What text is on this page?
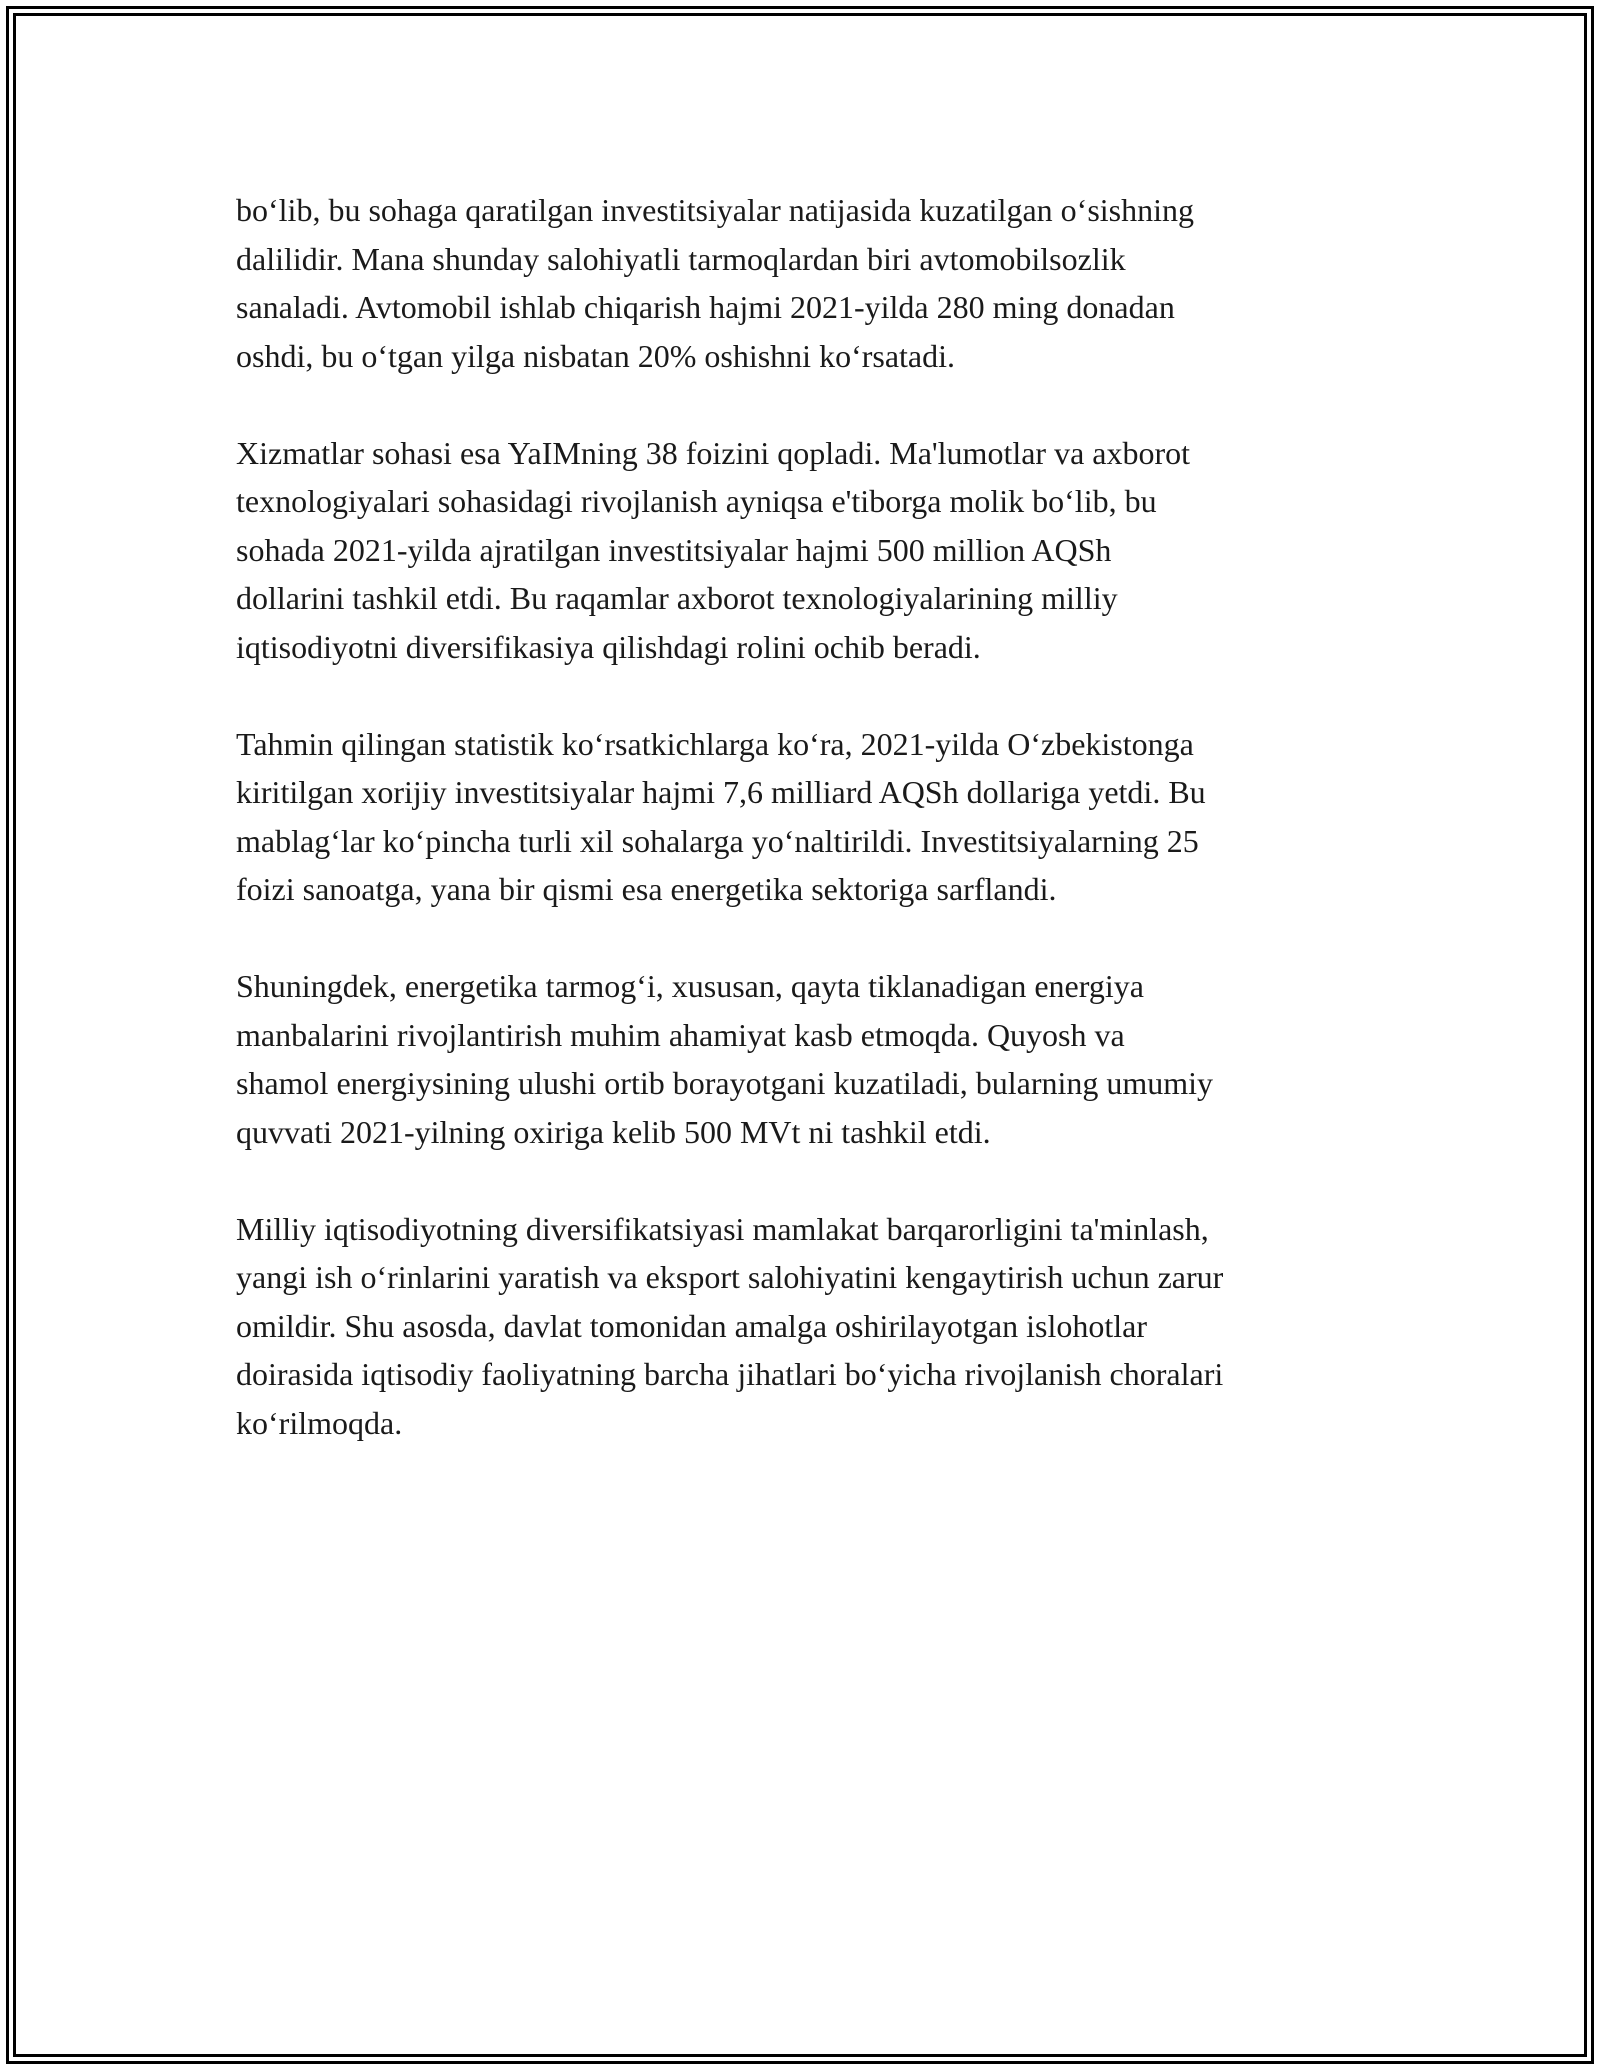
bo‘lib, bu sohaga qaratilgan investitsiyalar natijasida kuzatilgan o‘sishning
dalilidir. Mana shunday salohiyatli tarmoqlardan biri avtomobilsozlik
sanaladi. Avtomobil ishlab chiqarish hajmi 2021-yilda 280 ming donadan
oshdi, bu o‘tgan yilga nisbatan 20% oshishni ko‘rsatadi.

Xizmatlar sohasi esa YaIMning 38 foizini qopladi. Ma'lumotlar va axborot
texnologiyalari sohasidagi rivojlanish ayniqsa e'tiborga molik bo‘lib, bu
sohada 2021-yilda ajratilgan investitsiyalar hajmi 500 million AQSh
dollarini tashkil etdi. Bu raqamlar axborot texnologiyalarining milliy
iqtisodiyotni diversifikasiya qilishdagi rolini ochib beradi.

Tahmin qilingan statistik ko‘rsatkichlarga ko‘ra, 2021-yilda O‘zbekistonga
kiritilgan xorijiy investitsiyalar hajmi 7,6 milliard AQSh dollariga yetdi. Bu
mablag‘lar ko‘pincha turli xil sohalarga yo‘naltirildi. Investitsiyalarning 25
foizi sanoatga, yana bir qismi esa energetika sektoriga sarflandi.

Shuningdek, energetika tarmog‘i, xususan, qayta tiklanadigan energiya
manbalarini rivojlantirish muhim ahamiyat kasb etmoqda. Quyosh va
shamol energiysining ulushi ortib borayotgani kuzatiladi, bularning umumiy
quvvati 2021-yilning oxiriga kelib 500 MVt ni tashkil etdi.

Milliy iqtisodiyotning diversifikatsiyasi mamlakat barqarorligini ta'minlash,
yangi ish o‘rinlarini yaratish va eksport salohiyatini kengaytirish uchun zarur
omildir. Shu asosda, davlat tomonidan amalga oshirilayotgan islohotlar
doirasida iqtisodiy faoliyatning barcha jihatlari bo‘yicha rivojlanish choralari
ko‘rilmoqda.
